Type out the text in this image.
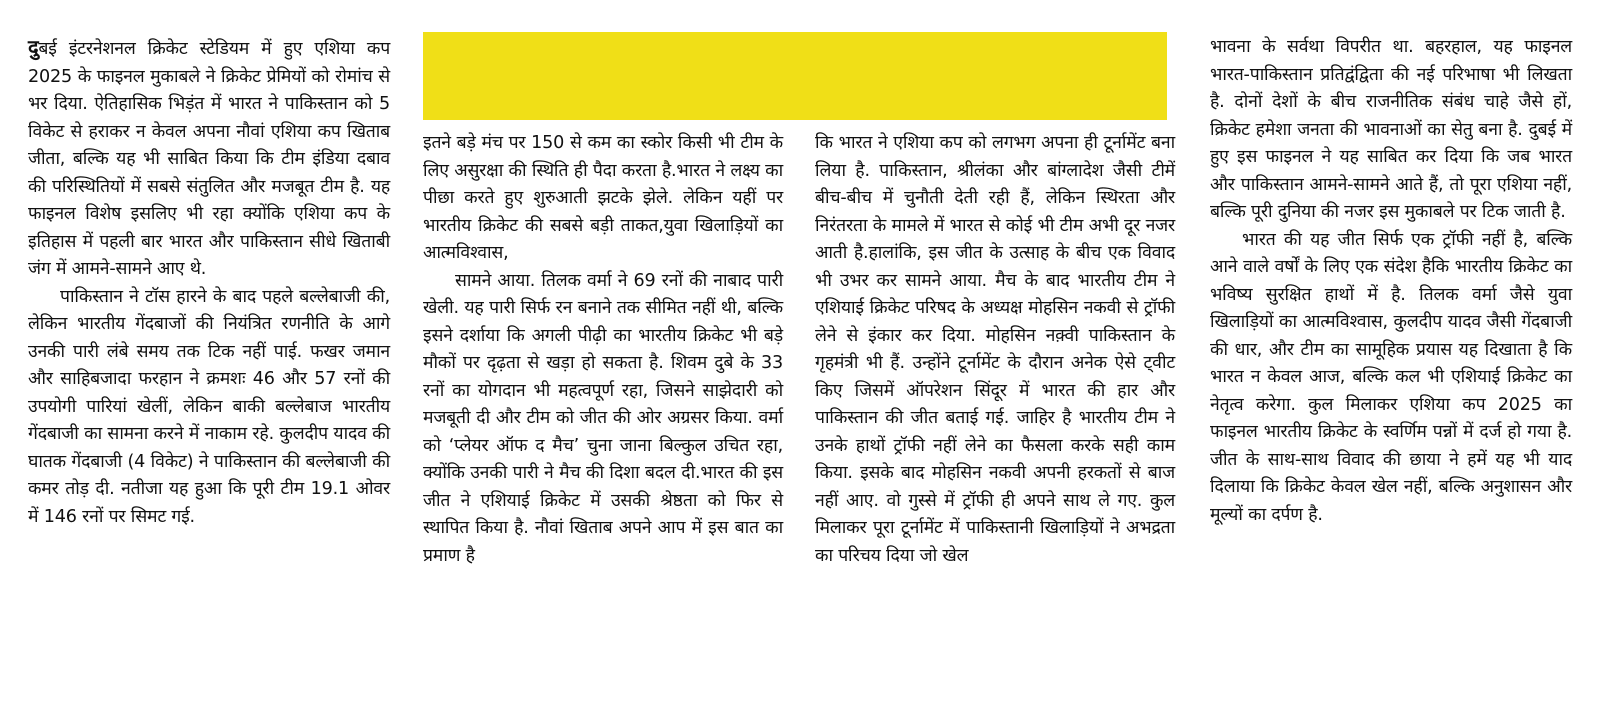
दुबई इंटरनेशनल क्रिकेट स्टेडियम में हुए एशिया कप 2025 के फाइनल मुकाबले ने क्रिकेट प्रेमियों को रोमांच से भर दिया. ऐतिहासिक भिड़ंत में भारत ने पाकिस्तान को 5 विकेट से हराकर न केवल अपना नौवां एशिया कप खिताब जीता, बल्कि यह भी साबित किया कि टीम इंडिया दबाव की परिस्थितियों में सबसे संतुलित और मजबूत टीम है. यह फाइनल विशेष इसलिए भी रहा क्योंकि एशिया कप के इतिहास में पहली बार भारत और पाकिस्तान सीधे खिताबी जंग में आमने-सामने आए थे.

पाकिस्तान ने टॉस हारने के बाद पहले बल्लेबाजी की, लेकिन भारतीय गेंदबाजों की नियंत्रित रणनीति के आगे उनकी पारी लंबे समय तक टिक नहीं पाई. फखर जमान और साहिबजादा फरहान ने क्रमशः 46 और 57 रनों की उपयोगी पारियां खेलीं, लेकिन बाकी बल्लेबाज भारतीय गेंदबाजी का सामना करने में नाकाम रहे. कुलदीप यादव की घातक गेंदबाजी (4 विकेट) ने पाकिस्तान की बल्लेबाजी की कमर तोड़ दी. नतीजा यह हुआ कि पूरी टीम 19.1 ओवर में 146 रनों पर सिमट गई.

इतने बड़े मंच पर 150 से कम का स्कोर किसी भी टीम के लिए असुरक्षा की स्थिति ही पैदा करता है.भारत ने लक्ष्य का पीछा करते हुए शुरुआती झटके झेले. लेकिन यहीं पर भारतीय क्रिकेट की सबसे बड़ी ताकत,युवा खिलाड़ियों का आत्मविश्वास,

सामने आया. तिलक वर्मा ने 69 रनों की नाबाद पारी खेली. यह पारी सिर्फ रन बनाने तक सीमित नहीं थी, बल्कि इसने दर्शाया कि अगली पीढ़ी का भारतीय क्रिकेट भी बड़े मौकों पर दृढ़ता से खड़ा हो सकता है. शिवम दुबे के 33 रनों का योगदान भी महत्वपूर्ण रहा, जिसने साझेदारी को मजबूती दी और टीम को जीत की ओर अग्रसर किया. वर्मा को ‘प्लेयर ऑफ द मैच’ चुना जाना बिल्कुल उचित रहा, क्योंकि उनकी पारी ने मैच की दिशा बदल दी.भारत की इस जीत ने एशियाई क्रिकेट में उसकी श्रेष्ठता को फिर से स्थापित किया है. नौवां खिताब अपने आप में इस बात का प्रमाण है

कि भारत ने एशिया कप को लगभग अपना ही टूर्नामेंट बना लिया है. पाकिस्तान, श्रीलंका और बांग्लादेश जैसी टीमें बीच-बीच में चुनौती देती रही हैं, लेकिन स्थिरता और निरंतरता के मामले में भारत से कोई भी टीम अभी दूर नजर आती है.हालांकि, इस जीत के उत्साह के बीच एक विवाद भी उभर कर सामने आया. मैच के बाद भारतीय टीम ने एशियाई क्रिकेट परिषद के अध्यक्ष मोहसिन नकवी से ट्रॉफी लेने से इंकार कर दिया. मोहसिन नक़्वी पाकिस्तान के गृहमंत्री भी हैं. उन्होंने टूर्नामेंट के दौरान अनेक ऐसे ट्वीट किए जिसमें ऑपरेशन सिंदूर में भारत की हार और पाकिस्तान की जीत बताई गई. जाहिर है भारतीय टीम ने उनके हाथों ट्रॉफी नहीं लेने का फैसला करके सही काम किया. इसके बाद मोहसिन नकवी अपनी हरकतों से बाज नहीं आए. वो गुस्से में ट्रॉफी ही अपने साथ ले गए. कुल मिलाकर पूरा टूर्नामेंट में पाकिस्तानी खिलाड़ियों ने अभद्रता का परिचय दिया जो खेल

भावना के सर्वथा विपरीत था. बहरहाल, यह फाइनल भारत-पाकिस्तान प्रतिद्वंद्विता की नई परिभाषा भी लिखता है. दोनों देशों के बीच राजनीतिक संबंध चाहे जैसे हों, क्रिकेट हमेशा जनता की भावनाओं का सेतु बना है. दुबई में हुए इस फाइनल ने यह साबित कर दिया कि जब भारत और पाकिस्तान आमने-सामने आते हैं, तो पूरा एशिया नहीं, बल्कि पूरी दुनिया की नजर इस मुकाबले पर टिक जाती है.

भारत की यह जीत सिर्फ एक ट्रॉफी नहीं है, बल्कि आने वाले वर्षों के लिए एक संदेश हैकि भारतीय क्रिकेट का भविष्य सुरक्षित हाथों में है. तिलक वर्मा जैसे युवा खिलाड़ियों का आत्मविश्वास, कुलदीप यादव जैसी गेंदबाजी की धार, और टीम का सामूहिक प्रयास यह दिखाता है कि भारत न केवल आज, बल्कि कल भी एशियाई क्रिकेट का नेतृत्व करेगा. कुल मिलाकर एशिया कप 2025 का फाइनल भारतीय क्रिकेट के स्वर्णिम पन्नों में दर्ज हो गया है. जीत के साथ-साथ विवाद की छाया ने हमें यह भी याद दिलाया कि क्रिकेट केवल खेल नहीं, बल्कि अनुशासन और मूल्यों का दर्पण है.
